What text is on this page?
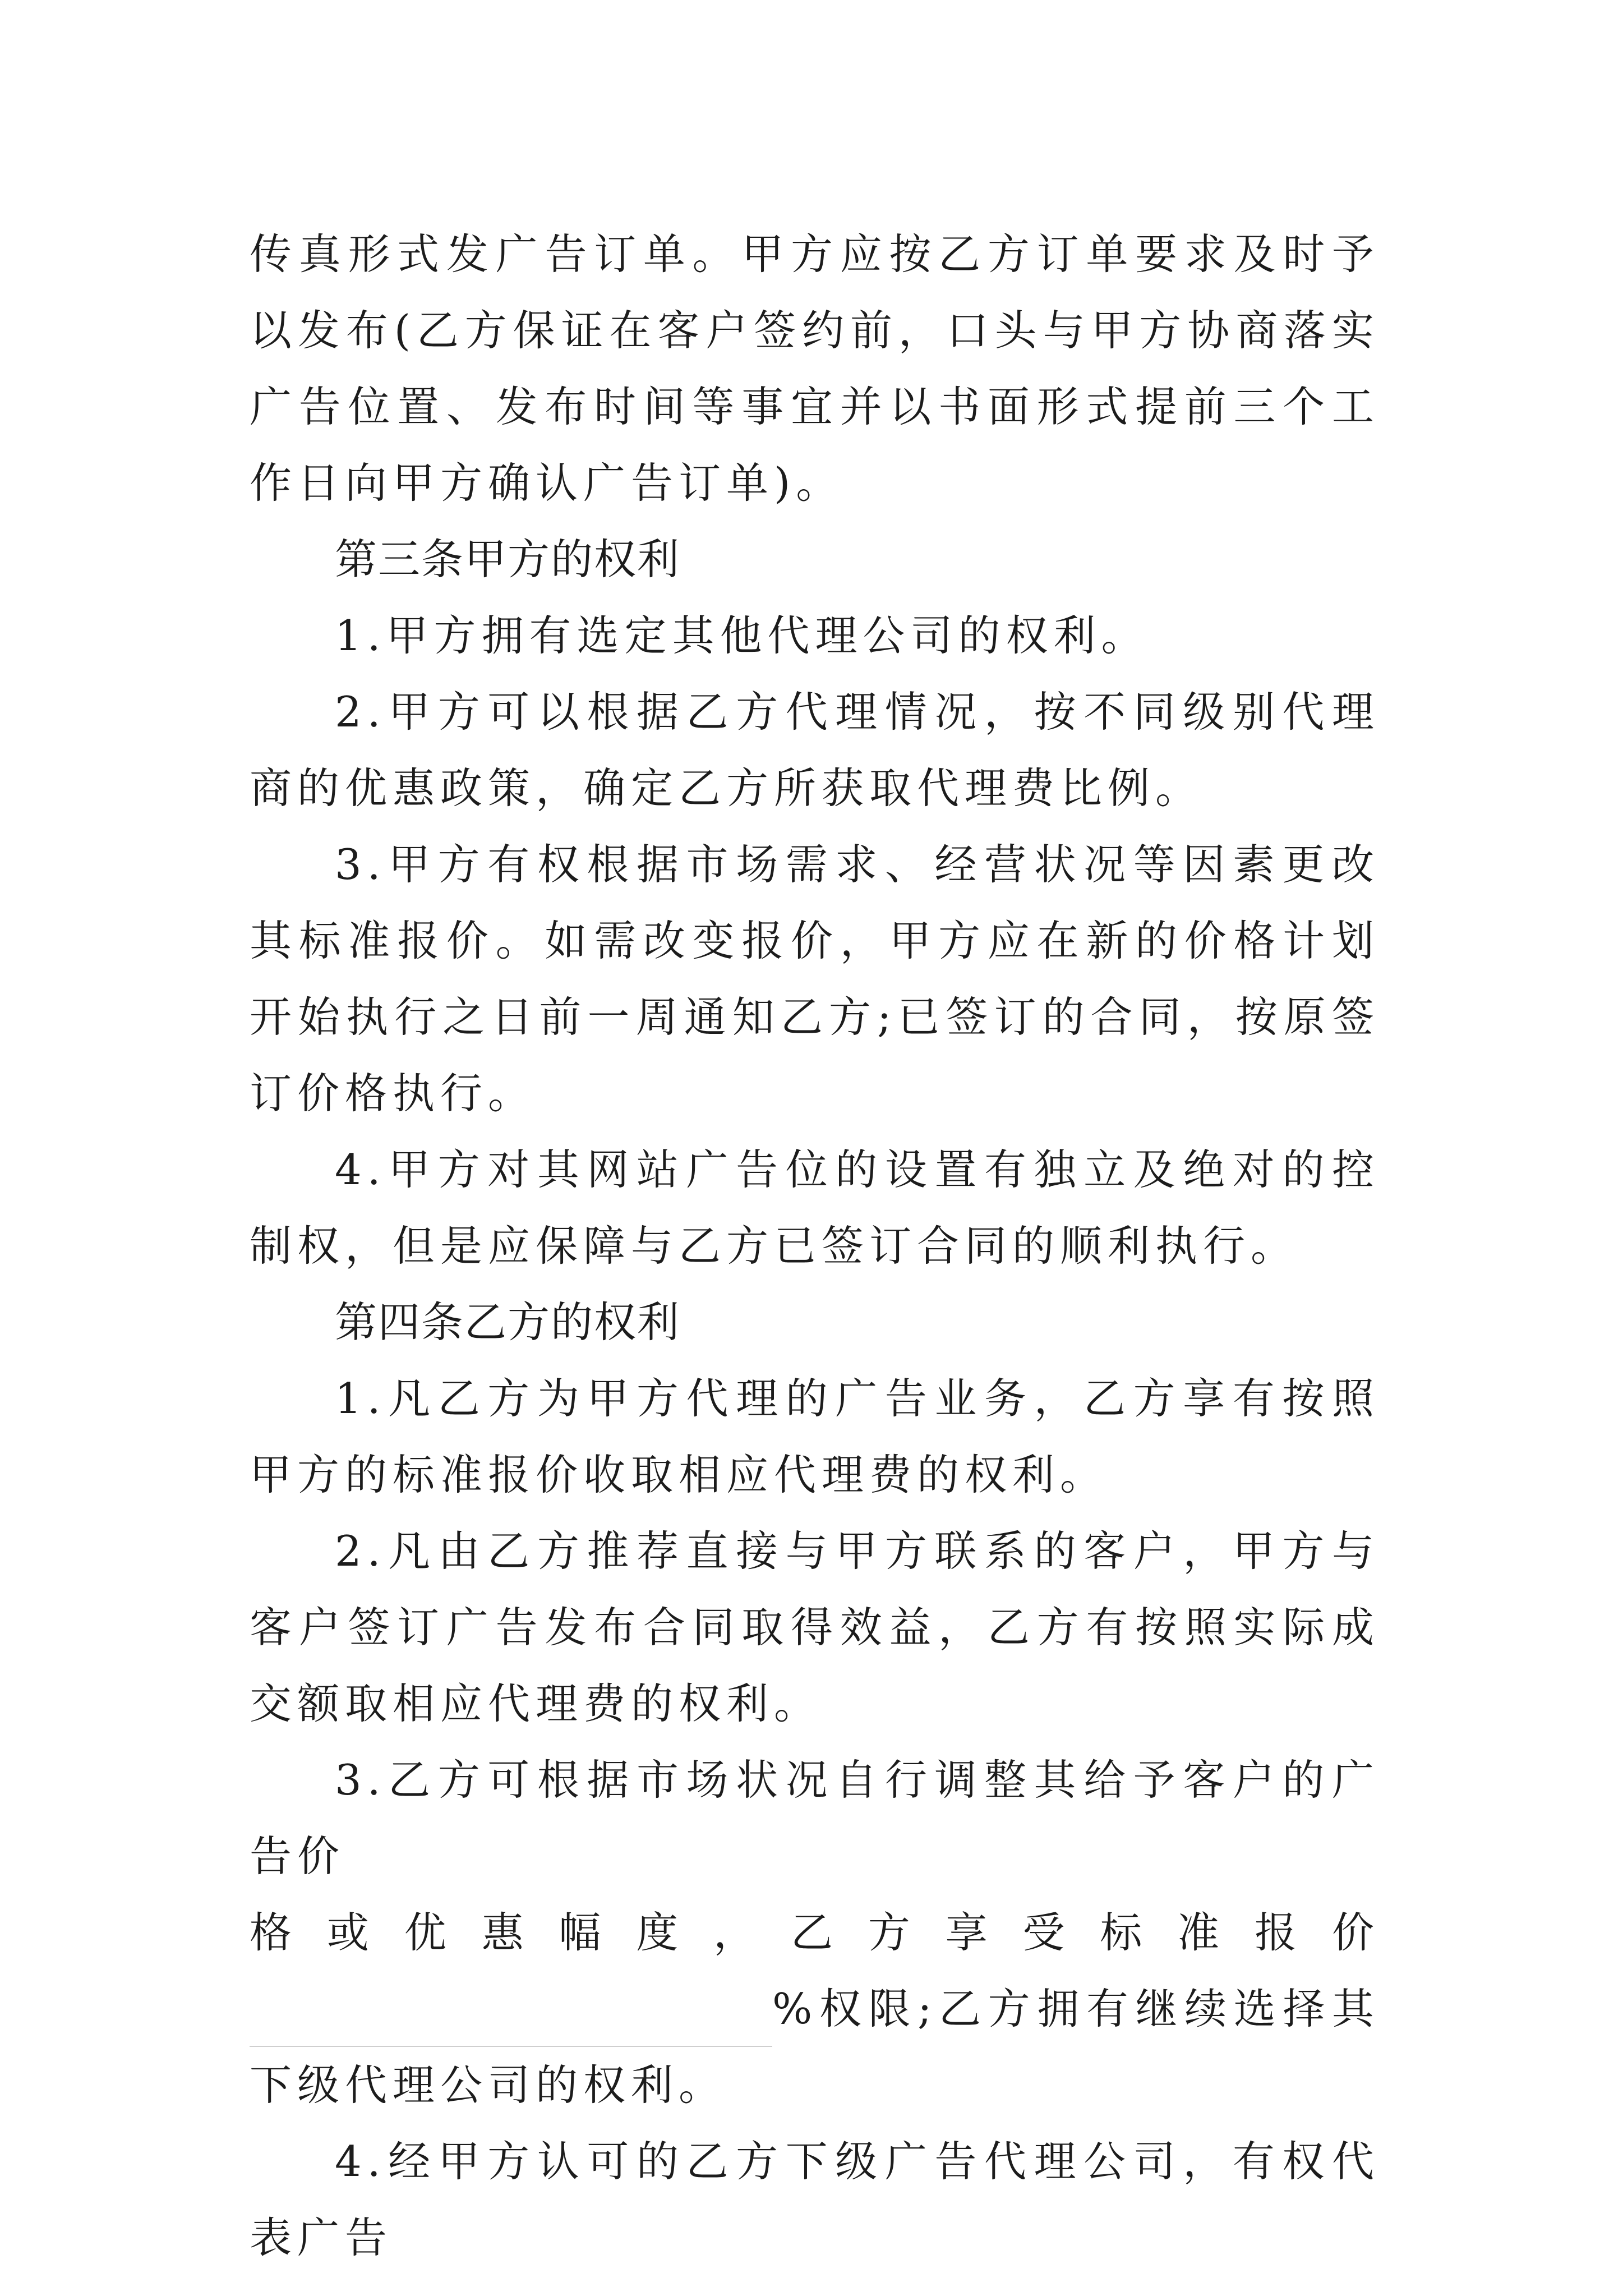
传真形式发广告订单。甲方应按乙方订单要求及时予以发布(乙方保证在客户签约前，口头与甲方协商落实广告位置、发布时间等事宜并以书面形式提前三个工作日向甲方确认广告订单)。

第三条甲方的权利

1.甲方拥有选定其他代理公司的权利。

2.甲方可以根据乙方代理情况，按不同级别代理商的优惠政策，确定乙方所获取代理费比例。

3.甲方有权根据市场需求、经营状况等因素更改其标准报价。如需改变报价，甲方应在新的价格计划开始执行之日前一周通知乙方;已签订的合同，按原签订价格执行。

4.甲方对其网站广告位的设置有独立及绝对的控制权，但是应保障与乙方已签订合同的顺利执行。

第四条乙方的权利

1.凡乙方为甲方代理的广告业务，乙方享有按照甲方的标准报价收取相应代理费的权利。

2.凡由乙方推荐直接与甲方联系的客户，甲方与客户签订广告发布合同取得效益，乙方有按照实际成交额取相应代理费的权利。

3.乙方可根据市场状况自行调整其给予客户的广告价

格或优惠幅度，乙方享受标准报价

%权限;乙方拥有继续选择其下级代理公司的权利。

4.经甲方认可的乙方下级广告代理公司，有权代表广告
